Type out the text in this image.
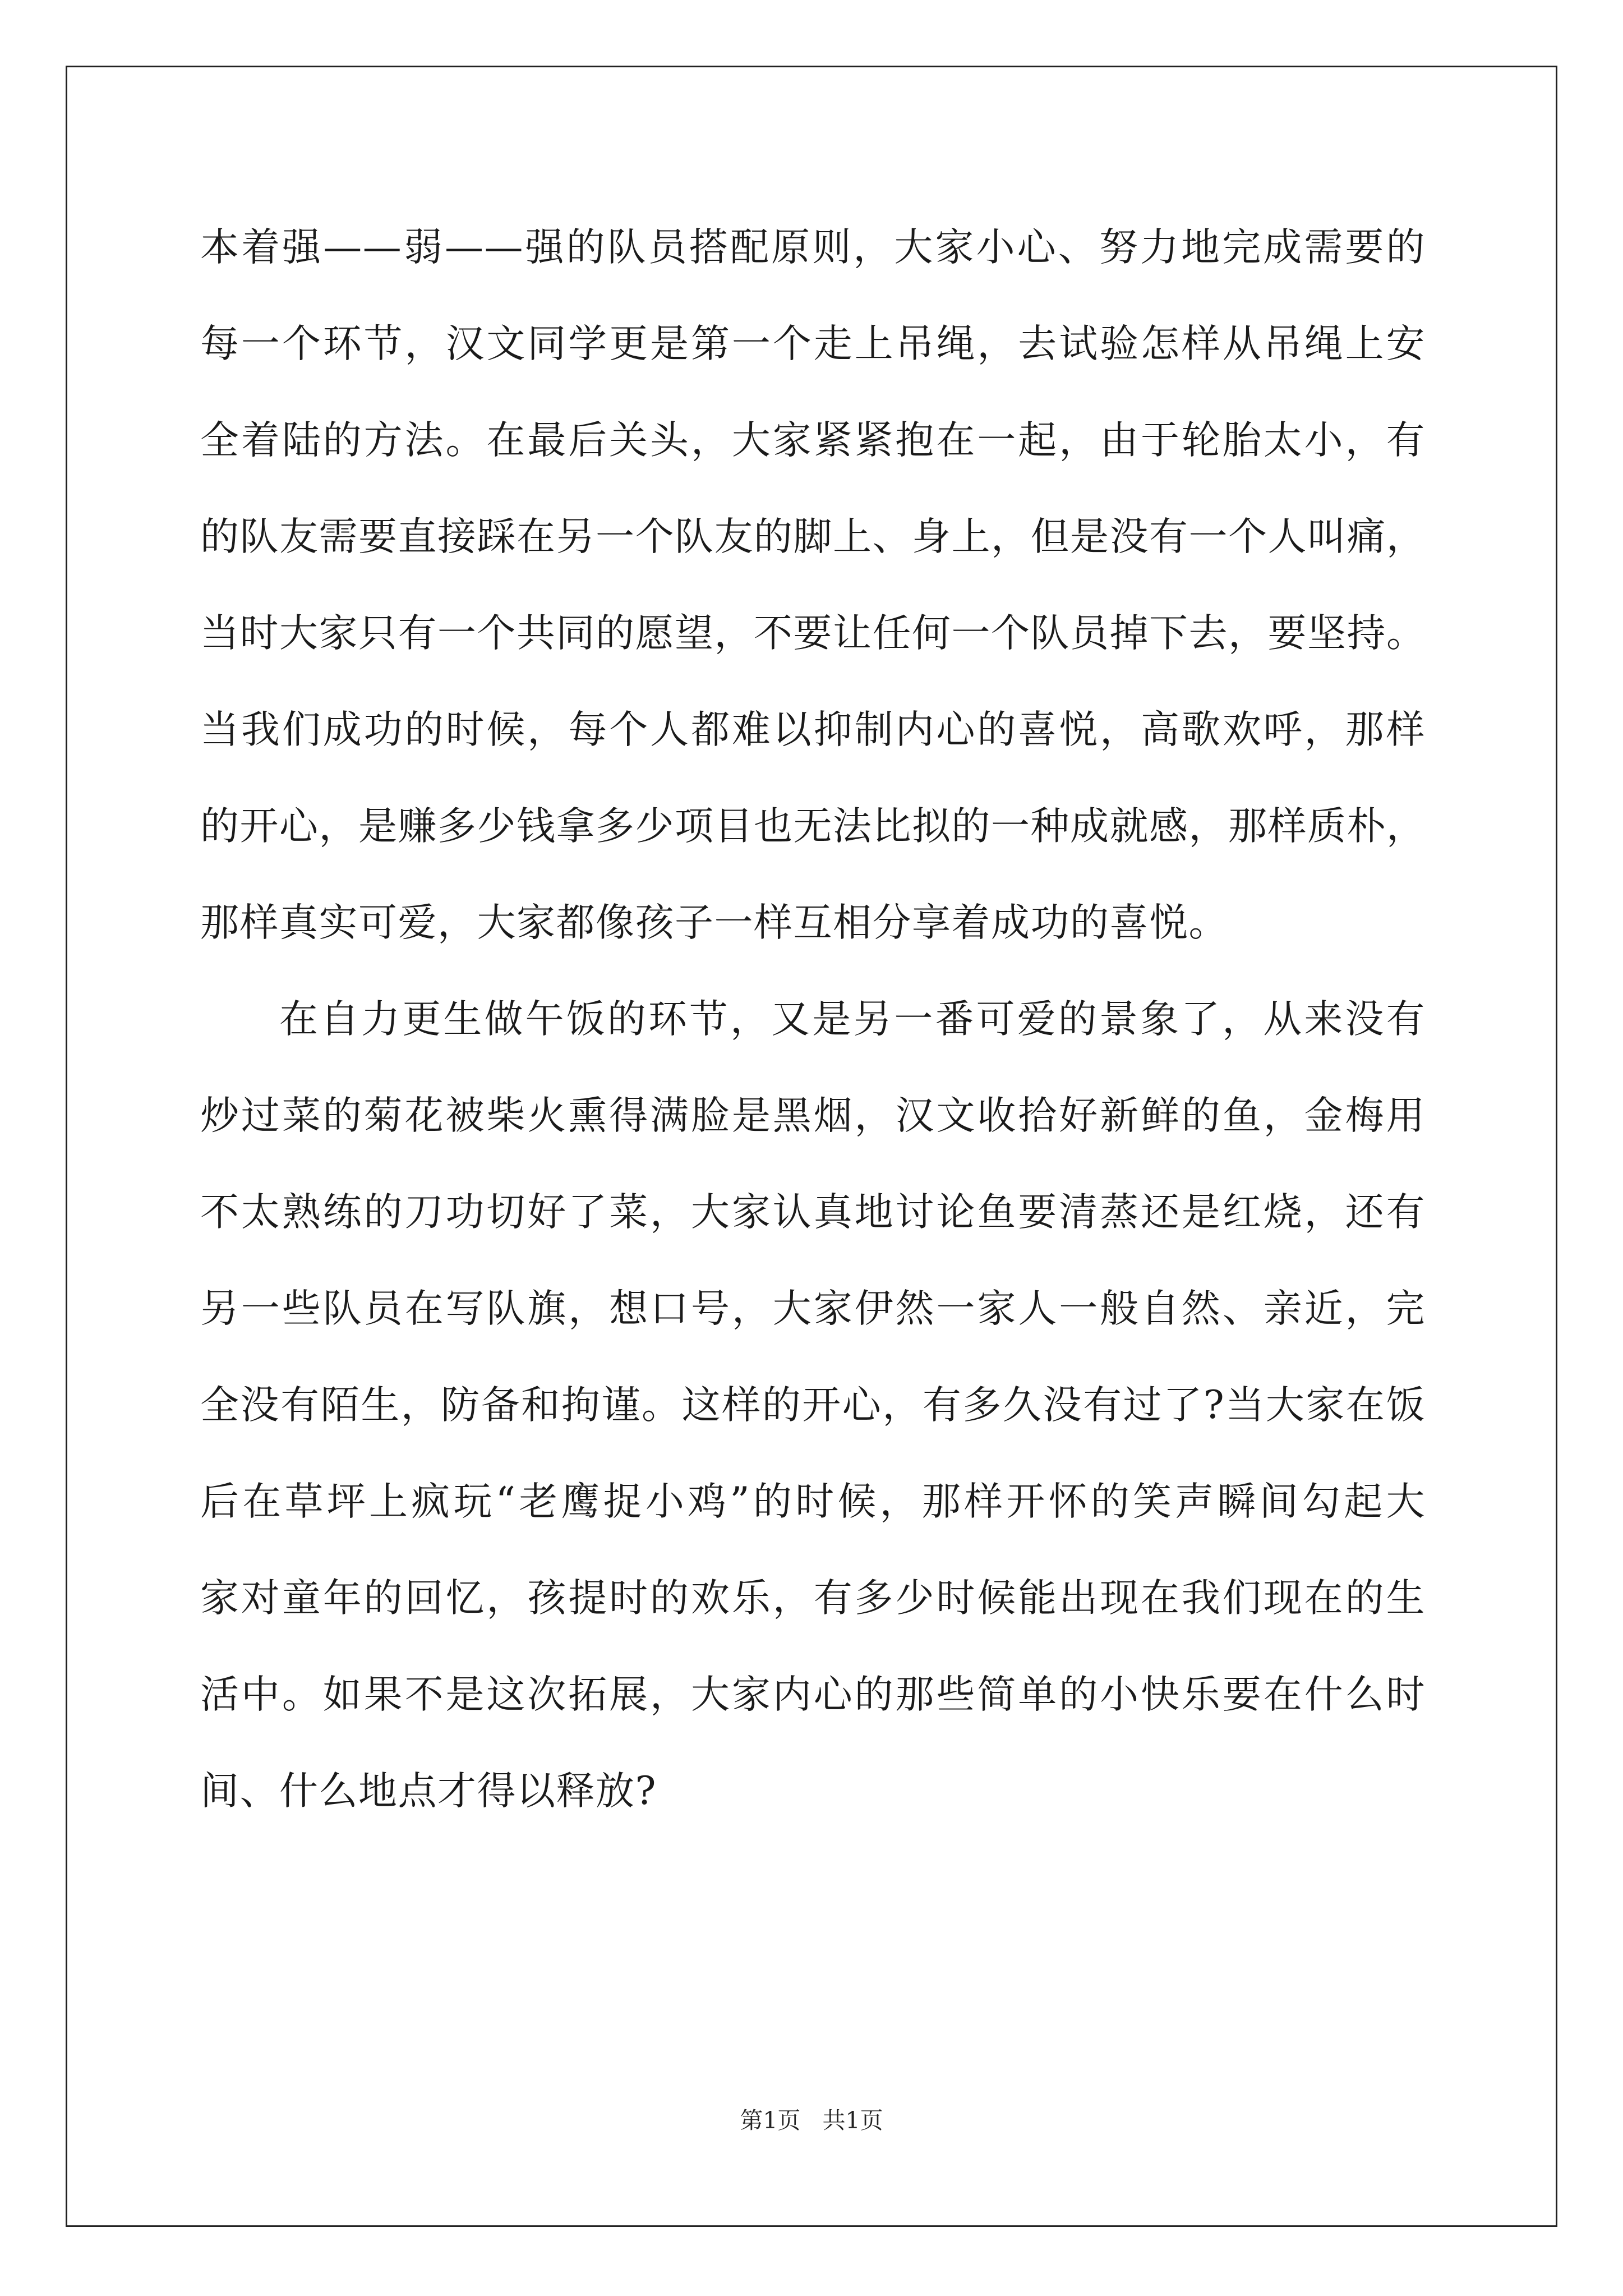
本着强——弱——强的队员搭配原则，大家小心、努力地完成需要的
每一个环节，汉文同学更是第一个走上吊绳，去试验怎样从吊绳上安
全着陆的方法。在最后关头，大家紧紧抱在一起，由于轮胎太小，有
的队友需要直接踩在另一个队友的脚上、身上，但是没有一个人叫痛，
当时大家只有一个共同的愿望，不要让任何一个队员掉下去，要坚持。
当我们成功的时候，每个人都难以抑制内心的喜悦，高歌欢呼，那样
的开心，是赚多少钱拿多少项目也无法比拟的一种成就感，那样质朴，
那样真实可爱，大家都像孩子一样互相分享着成功的喜悦。
在自力更生做午饭的环节，又是另一番可爱的景象了，从来没有
炒过菜的菊花被柴火熏得满脸是黑烟，汉文收拾好新鲜的鱼，金梅用
不太熟练的刀功切好了菜，大家认真地讨论鱼要清蒸还是红烧，还有
另一些队员在写队旗，想口号，大家伊然一家人一般自然、亲近，完
全没有陌生，防备和拘谨。这样的开心，有多久没有过了?当大家在饭
后在草坪上疯玩“老鹰捉小鸡”的时候，那样开怀的笑声瞬间勾起大
家对童年的回忆，孩提时的欢乐，有多少时候能出现在我们现在的生
活中。如果不是这次拓展，大家内心的那些简单的小快乐要在什么时
间、什么地点才得以释放?
第1页 共1页
